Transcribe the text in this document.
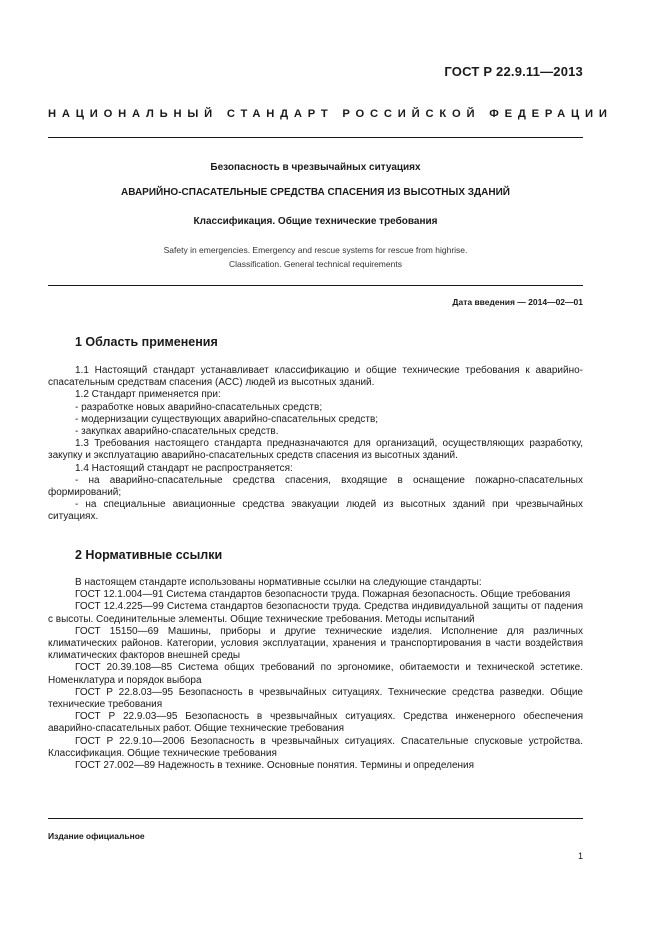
ГОСТ Р 22.9.11—2013
НАЦИОНАЛЬНЫЙ СТАНДАРТ РОССИЙСКОЙ ФЕДЕРАЦИИ
Безопасность в чрезвычайных ситуациях
АВАРИЙНО-СПАСАТЕЛЬНЫЕ СРЕДСТВА СПАСЕНИЯ ИЗ ВЫСОТНЫХ ЗДАНИЙ
Классификация. Общие технические требования
Safety in emergencies. Emergency and rescue systems for rescue from highrise.
Classification. General technical requirements
Дата введения — 2014—02—01
1 Область применения

1.1 Настоящий стандарт устанавливает классификацию и общие технические требования к аварийно-спасательным средствам спасения (АСС) людей из высотных зданий.

1.2 Стандарт применяется при:

- разработке новых аварийно-спасательных средств;

- модернизации существующих аварийно-спасательных средств;

- закупках аварийно-спасательных средств.

1.3 Требования настоящего стандарта предназначаются для организаций, осуществляющих разработку, закупку и эксплуатацию аварийно-спасательных средств спасения из высотных зданий.

1.4 Настоящий стандарт не распространяется:

- на аварийно-спасательные средства спасения, входящие в оснащение пожарно-спасательных формирований;

- на специальные авиационные средства эвакуации людей из высотных зданий при чрезвычайных ситуациях.

2 Нормативные ссылки

В настоящем стандарте использованы нормативные ссылки на следующие стандарты:

ГОСТ 12.1.004—91 Система стандартов безопасности труда. Пожарная безопасность. Общие требования

ГОСТ 12.4.225—99 Система стандартов безопасности труда. Средства индивидуальной защиты от падения с высоты. Соединительные элементы. Общие технические требования. Методы испытаний

ГОСТ 15150—69 Машины, приборы и другие технические изделия. Исполнение для различных климатических районов. Категории, условия эксплуатации, хранения и транспортирования в части воздействия климатических факторов внешней среды

ГОСТ 20.39.108—85 Система общих требований по эргономике, обитаемости и технической эстетике. Номенклатура и порядок выбора

ГОСТ Р 22.8.03—95 Безопасность в чрезвычайных ситуациях. Технические средства разведки. Общие технические требования

ГОСТ Р 22.9.03—95 Безопасность в чрезвычайных ситуациях. Средства инженерного обеспечения аварийно-спасательных работ. Общие технические требования

ГОСТ Р 22.9.10—2006 Безопасность в чрезвычайных ситуациях. Спасательные спусковые устройства. Классификация. Общие технические требования

ГОСТ 27.002—89 Надежность в технике. Основные понятия. Термины и определения

Издание официальное
1
